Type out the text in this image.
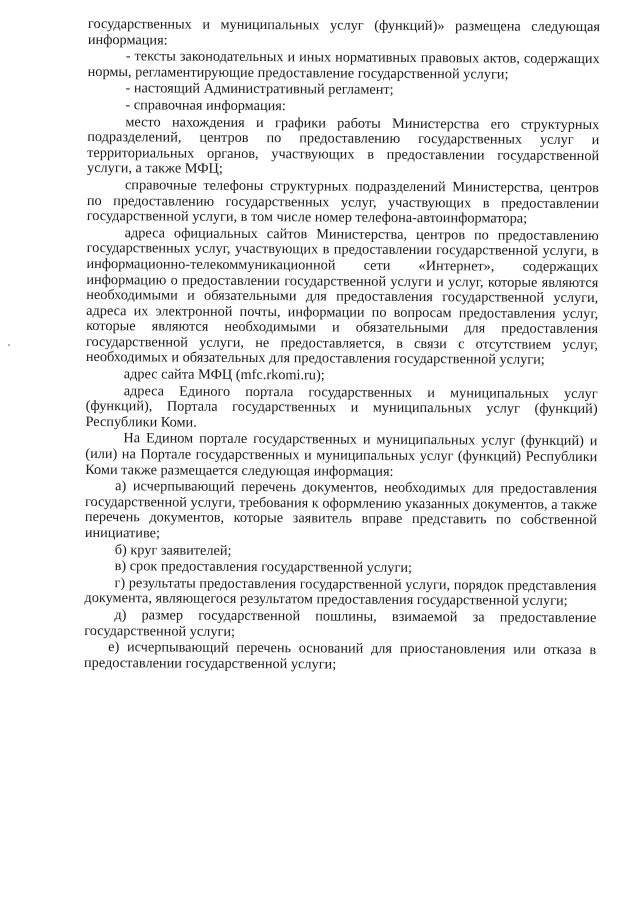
государственных и муниципальных услуг (функций)» размещена следующая информация:

- тексты законодательных и иных нормативных правовых актов, содержащих нормы, регламентирующие предоставление государственной услуги;

- настоящий Административный регламент;

- справочная информация:

место нахождения и графики работы Министерства его структурных подразделений, центров по предоставлению государственных услуг и территориальных органов, участвующих в предоставлении государственной услуги, а также МФЦ;

справочные телефоны структурных подразделений Министерства, центров по предоставлению государственных услуг, участвующих в предоставлении государственной услуги, в том числе номер телефона-автоинформатора;

адреса официальных сайтов Министерства, центров по предоставлению государственных услуг, участвующих в предоставлении государственной услуги, в информационно-телекоммуникационной сети «Интернет», содержащих информацию о предоставлении государственной услуги и услуг, которые являются необходимыми и обязательными для предоставления государственной услуги, адреса их электронной почты, информации по вопросам предоставления услуг, которые являются необходимыми и обязательными для предоставления государственной услуги, не предоставляется, в связи с отсутствием услуг, необходимых и обязательных для предоставления государственной услуги;

адрес сайта МФЦ (mfc.rkomi.ru);

адреса Единого портала государственных и муниципальных услуг (функций), Портала государственных и муниципальных услуг (функций) Республики Коми.

На Едином портале государственных и муниципальных услуг (функций) и (или) на Портале государственных и муниципальных услуг (функций) Республики Коми также размещается следующая информация:

а) исчерпывающий перечень документов, необходимых для предоставления государственной услуги, требования к оформлению указанных документов, а также перечень документов, которые заявитель вправе представить по собственной инициативе;

б) круг заявителей;

в) срок предоставления государственной услуги;

г) результаты предоставления государственной услуги, порядок представления документа, являющегося результатом предоставления государственной услуги;

д) размер государственной пошлины, взимаемой за предоставление государственной услуги;

е) исчерпывающий перечень оснований для приостановления или отказа в предоставлении государственной услуги;
